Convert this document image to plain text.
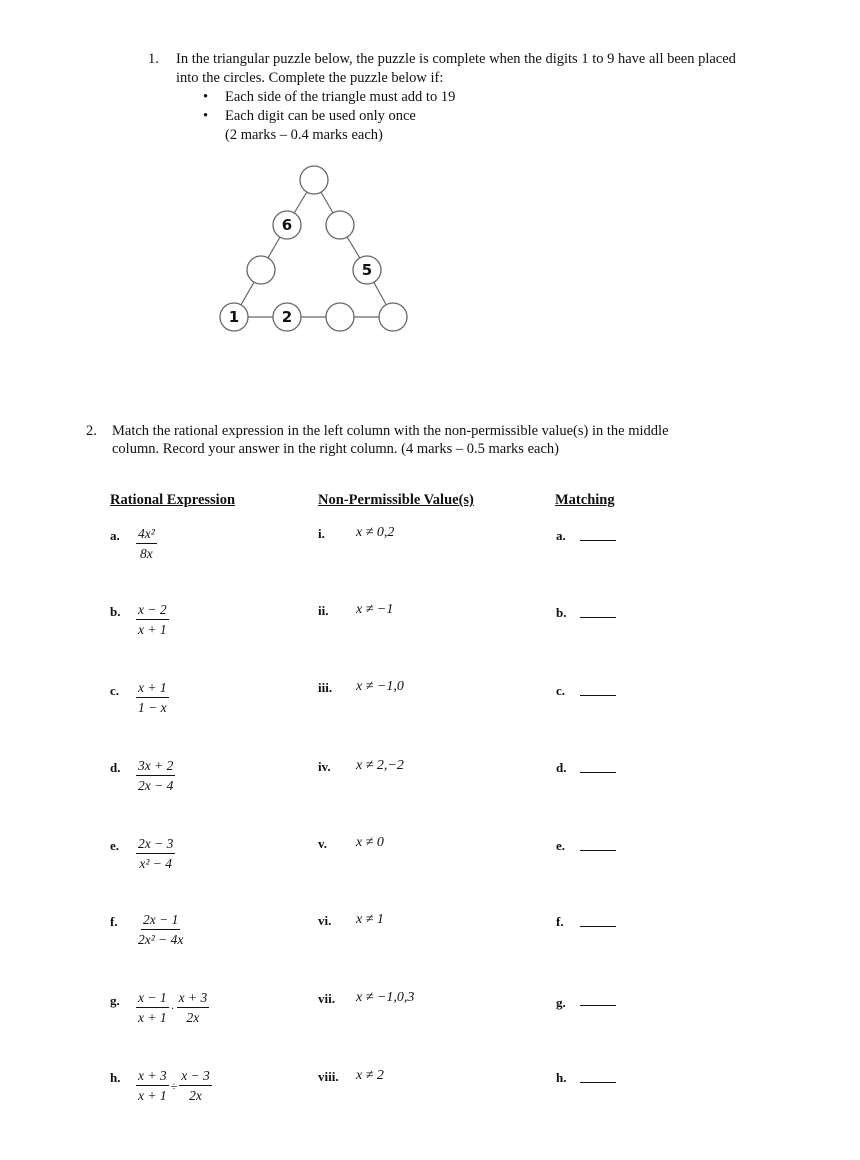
1. In the triangular puzzle below, the puzzle is complete when the digits 1 to 9 have all been placed
into the circles. Complete the puzzle below if:
• Each side of the triangle must add to 19
• Each digit can be used only once
(2 marks – 0.4 marks each)
6
5
1	2
2. Match the rational expression in the left column with the non-permissible value(s) in the middle
column. Record your answer in the right column. (4 marks – 0.5 marks each)
Rational Expression	Non-Permissible Value(s)	Matching
a. $\frac{\text{4x²}}{8x}$	i. x ≠ 0,2	a.
b. $\frac{x - 2}{x + 1}$	ii. x ≠ −1	b.
c. $\frac{x + 1}{1 - x}$	iii. x ≠ −1,0	c.
d. $\frac{3x + 2}{2x - 4}$	iv. x ≠ 2,−2	d.
e. $\frac{2x - 3}{\text{x² − 4}}$	v. x ≠ 0	e.
f. $\frac{2x - 1}{\text{2x² − 4x}}$	vi. x ≠ 1	f.
g. $\frac{x - 1}{x + 1} \cdot \frac{x + 3}{2x}$	vii. x ≠ −1,0,3	g.
h. $\frac{x + 3}{x + 1} \div \frac{x - 3}{2x}$	viii. x ≠ 2	h.
